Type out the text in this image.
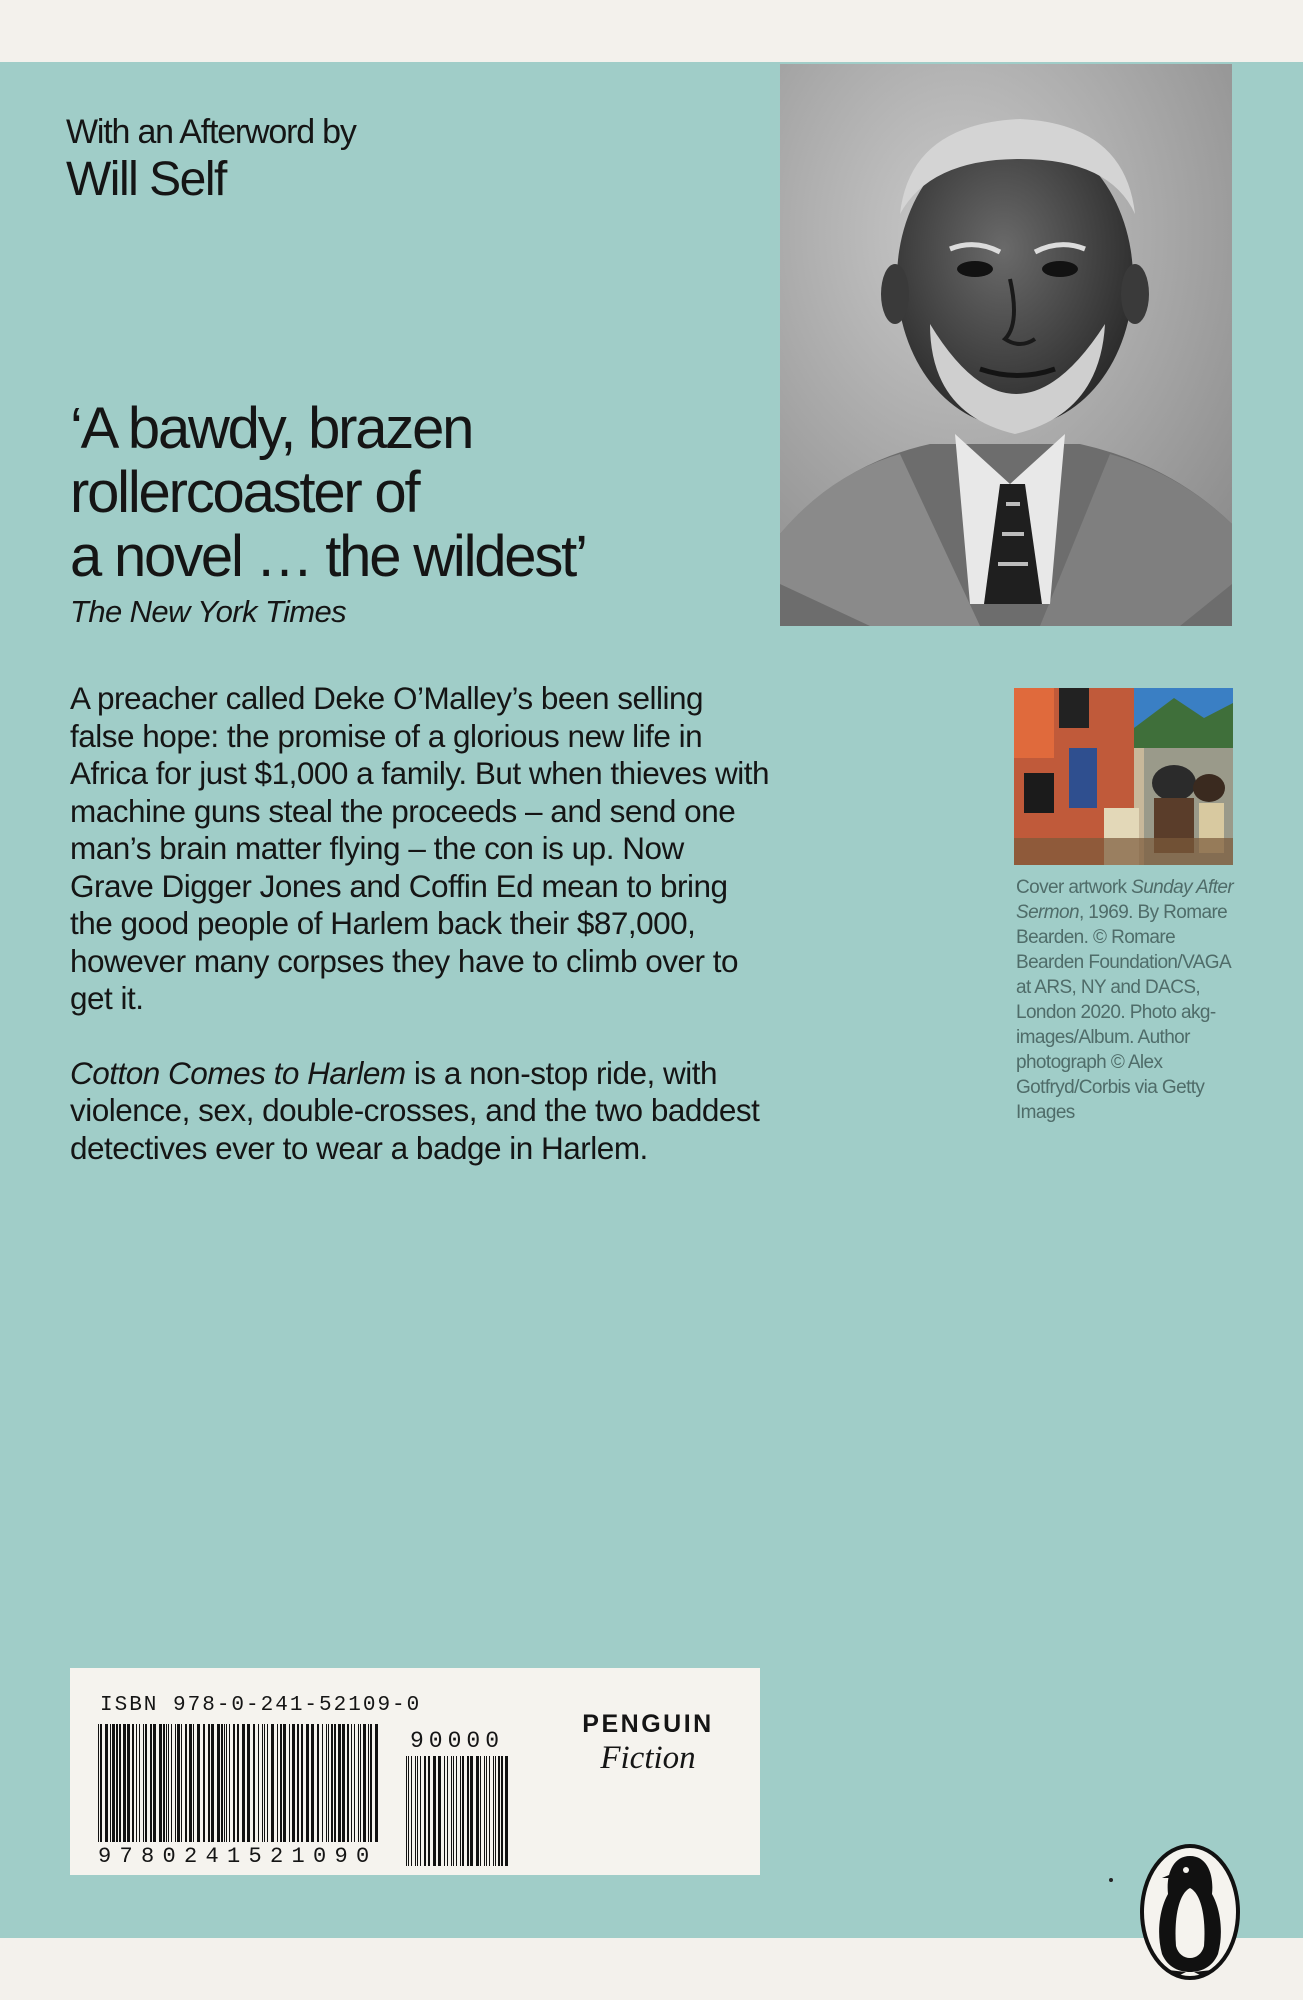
With an Afterword by
Will Self
‘A bawdy, brazen
rollercoaster of
a novel … the wildest’
The New York Times

A preacher called Deke O’Malley’s been selling false hope: the promise of a glorious new life in Africa for just $1,000 a family. But when thieves with machine guns steal the proceeds – and send one man’s brain matter flying – the con is up. Now Grave Digger Jones and Coffin Ed mean to bring the good people of Harlem back their $87,000, however many corpses they have to climb over to get it.

Cotton Comes to Harlem is a non-stop ride, with violence, sex, double-crosses, and the two baddest detectives ever to wear a badge in Harlem.

Cover artwork Sunday After Sermon, 1969. By Romare Bearden. © Romare Bearden Foundation/VAGA at ARS, NY and DACS, London 2020. Photo akg-images/Album. Author photograph © Alex Gotfryd/Corbis via Getty Images
ISBN 978-0-241-52109-0
9780241521090
90000
PENGUIN
Fiction
